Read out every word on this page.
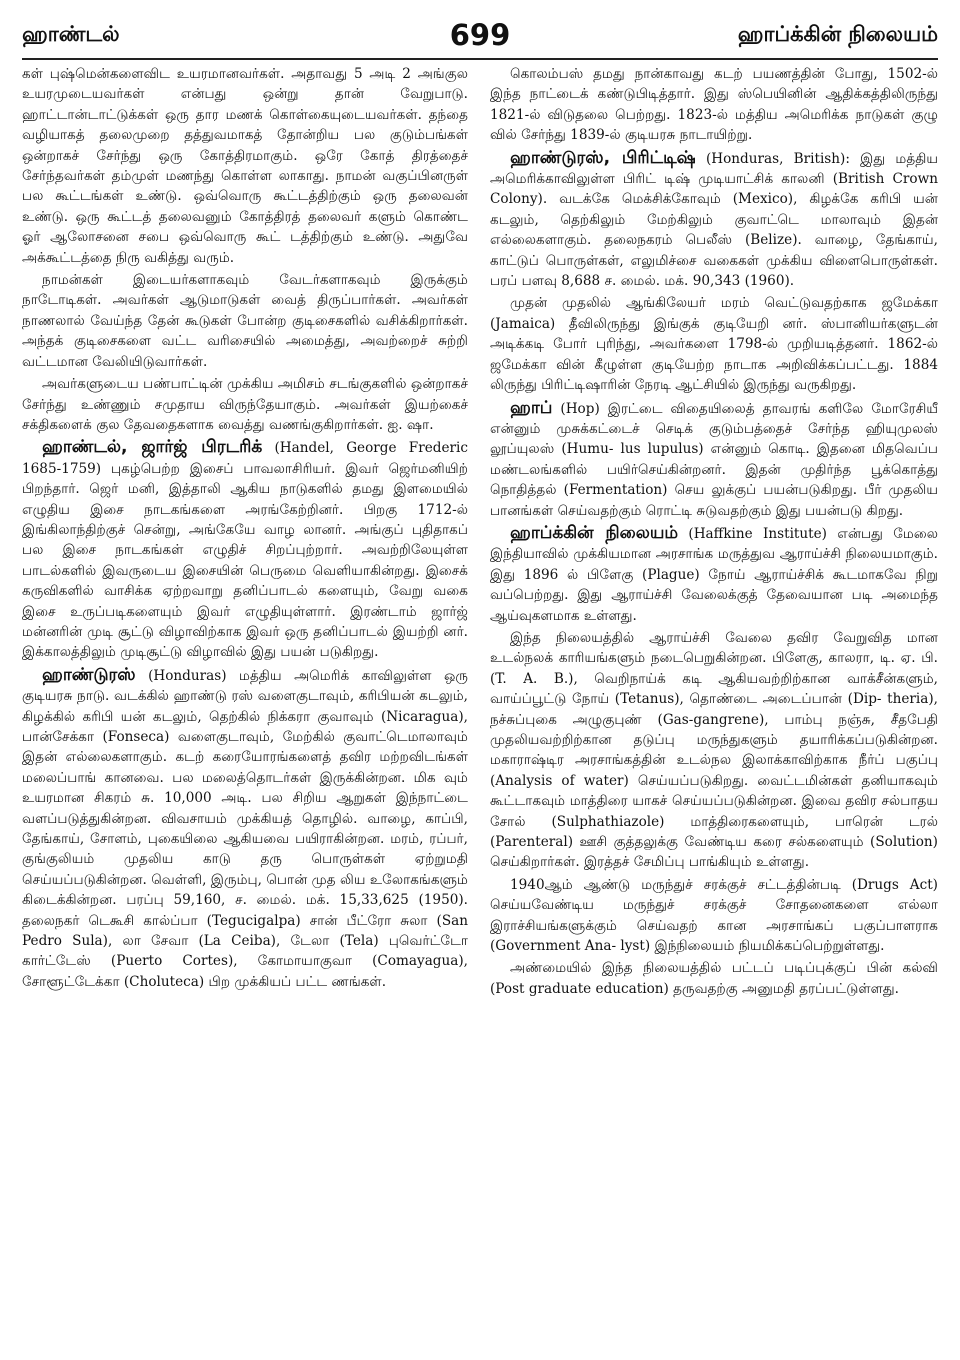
ஹாண்டல்	699	ஹாப்க்கின் நிலையம்

கள் புஷ்மென்களைவிட உயரமானவர்கள். அதாவது 5 அடி 2 அங்குல உயரமுடையவர்கள் என்பது ஒன்று தான் வேறுபாடு. ஹாட்டான்டாட்டுக்கள் ஒரு தார மணக் கொள்கையுடையவர்கள். தந்தை வழியாகத் தலைமுறை தத்துவமாகத் தோன்றிய பல குடும்பங்கள் ஒன்றாகச் சேர்ந்து ஒரு கோத்திரமாகும். ஒரே கோத் திரத்தைச் சேர்ந்தவர்கள் தம்முள் மணந்து கொள்ள லாகாது. நாமன் வகுப்பினருள் பல கூட்டங்கள் உண்டு. ஒவ்வொரு கூட்டத்திற்கும் ஒரு தலைவன் உண்டு. ஒரு கூட்டத் தலைவனும் கோத்திரத் தலைவர் களும் கொண்ட ஓர் ஆலோசனை சபை ஒவ்வொரு கூட் டத்திற்கும் உண்டு. அதுவே அக்கூட்டத்தை நிரு வகித்து வரும்.

நாமன்கள் இடையர்களாகவும் வேடர்களாகவும் இருக்கும் நாடோடிகள். அவர்கள் ஆடுமாடுகள் வைத் திருப்பார்கள். அவர்கள் நாணலால் வேய்ந்த தேன் கூடுகள் போன்ற குடிசைகளில் வசிக்கிறார்கள். அந்தக் குடிசைகளை வட்ட வரிசையில் அமைத்து, அவற்றைச் சுற்றி வட்டமான வேலியிடுவார்கள்.

அவர்களுடைய பண்பாட்டின் முக்கிய அமிசம் சடங்குகளில் ஒன்றாகச் சேர்ந்து உண்ணும் சமுதாய விருந்தேயாகும். அவர்கள் இயற்கைச் சக்திகளைக் குல தேவதைகளாக வைத்து வணங்குகிறார்கள். ஐ. ஷா.

ஹாண்டல், ஜார்ஜ் பிரடரிக் (Handel, George Frederic 1685-1759) புகழ்பெற்ற இசைப் பாவலாசிரியர். இவர் ஜெர்மனியிற் பிறந்தார். ஜெர் மனி, இத்தாலி ஆகிய நாடுகளில் தமது இளமையில் எழுதிய இசை நாடகங்களை அரங்கேற்றினர். பிறகு 1712-ல் இங்கிலாந்திற்குச் சென்று, அங்கேயே வாழ லானர். அங்குப் புதிதாகப் பல இசை நாடகங்கள் எழுதிச் சிறப்புற்றார். அவற்றிலேயுள்ள பாடல்களில் இவருடைய இசையின் பெருமை வெளியாகின்றது. இசைக் கருவிகளில் வாசிக்க ஏற்றவாறு தனிப்பாடல் களையும், வேறு வகை இசை உருப்படிகளையும் இவர் எழுதியுள்ளார். இரண்டாம் ஜார்ஜ் மன்னரின் முடி சூட்டு விழாவிற்காக இவர் ஒரு தனிப்பாடல் இயற்றி னர். இக்காலத்திலும் முடிசூட்டு விழாவில் இது பயன் படுகிறது.

ஹாண்டுரஸ் (Honduras) மத்திய அமெரிக் காவிலுள்ள ஒரு குடியரசு நாடு. வடக்கில் ஹாண்டு ரஸ் வளைகுடாவும், கரிபியன் கடலும், கிழக்கில் கரிபி யன் கடலும், தெற்கில் நிக்கரா குவாவும் (Nicaragua), பான்சேக்கா (Fonseca) வளைகுடாவும், மேற்கில் குவாட்டெமாலாவும் இதன் எல்லைகளாகும். கடற் கரையோரங்களைத் தவிர மற்றவிடங்கள் மலைப்பாங் கானவை. பல மலைத்தொடர்கள் இருக்கின்றன. மிக வும் உயரமான சிகரம் சு. 10,000 அடி. பல சிறிய ஆறுகள் இந்நாட்டை வளப்படுத்துகின்றன. விவசாயம் முக்கியத் தொழில். வாழை, காப்பி, தேங்காய், சோளம், புகையிலை ஆகியவை பயிராகின்றன. மரம், ரப்பர், குங்குலியம் முதலிய காடு தரு பொருள்கள் ஏற்றுமதி செய்யப்படுகின்றன. வெள்ளி, இரும்பு, பொன் முத லிய உலோகங்களும் கிடைக்கின்றன. பரப்பு 59,160, ச. மைல். மக். 15,33,625 (1950). தலைநகர் டெகூசி கால்ப்பா (Tegucigalpa) சான் பீட்ரோ சுலா (San Pedro Sula), லா சேவா (La Ceiba), டேலா (Tela) புவெர்ட்டோ கார்ட்டேஸ் (Puerto Cortes), கோமாயாகுவா (Comayagua), சோளூட்டேக்கா (Choluteca) பிற முக்கியப் பட்ட ணங்கள்.

கொலம்பஸ் தமது நான்காவது கடற் பயணத்தின் போது, 1502-ல் இந்த நாட்டைக் கண்டுபிடித்தார். இது ஸ்பெயினின் ஆதிக்கத்திலிருந்து 1821-ல் விடுதலை பெற்றது. 1823-ல் மத்திய அமெரிக்க நாடுகள் குழு வில் சேர்ந்து 1839-ல் குடியரசு நாடாயிற்று.

ஹாண்டுரஸ், பிரிட்டிஷ் (Honduras, British): இது மத்திய அமெரிக்காவிலுள்ள பிரிட் டிஷ் முடியாட்சிக் காலனி (British Crown Colony). வடக்கே மெக்சிக்கோவும் (Mexico), கிழக்கே கரிபி யன் கடலும், தெற்கிலும் மேற்கிலும் குவாட்டெ மாலாவும் இதன் எல்லைகளாகும். தலைநகரம் பெலீஸ் (Belize). வாழை, தேங்காய், காட்டுப் பொருள்கள், எலுமிச்சை வகைகள் முக்கிய விளைபொருள்கள். பரப் பளவு 8,688 ச. மைல். மக். 90,343 (1960).

முதன் முதலில் ஆங்கிலேயர் மரம் வெட்டுவதற்காக ஜமேக்கா (Jamaica) தீவிலிருந்து இங்குக் குடியேறி னர். ஸ்பானியர்களுடன் அடிக்கடி போர் புரிந்து, அவர்களை 1798-ல் முறியடித்தனர். 1862-ல் ஜமேக்கா வின் கீழுள்ள குடியேற்ற நாடாக அறிவிக்கப்பட்டது. 1884 லிருந்து பிரிட்டிஷாரின் நேரடி ஆட்சியில் இருந்து வருகிறது.

ஹாப் (Hop) இரட்டை விதையிலைத் தாவரங் களிலே மோரேசியீ என்னும் முசுக்கட்டைச் செடிக் குடும்பத்தைச் சேர்ந்த ஹியுமுலஸ் லூப்யுலஸ் (Humu- lus lupulus) என்னும் கொடி. இதனை மிதவெப்ப மண்டலங்களில் பயிர்செய்கின்றனர். இதன் முதிர்ந்த பூக்கொத்து நொதித்தல் (Fermentation) செய லுக்குப் பயன்படுகிறது. பீர் முதலிய பானங்கள் செய்வதற்கும் ரொட்டி சுடுவதற்கும் இது பயன்படு கிறது.

ஹாப்க்கின் நிலையம் (Haffkine Institute) என்பது மேலை இந்தியாவில் முக்கியமான அரசாங்க மருத்துவ ஆராய்ச்சி நிலையமாகும். இது 1896 ல் பிளேகு (Plague) நோய் ஆராய்ச்சிக் கூடமாகவே நிறு வப்பெற்றது. இது ஆராய்ச்சி வேலைக்குத் தேவையான படி அமைந்த ஆய்வுகளமாக உள்ளது.

இந்த நிலையத்தில் ஆராய்ச்சி வேலை தவிர வேறுவித மான உடல்நலக் காரியங்களும் நடைபெறுகின்றன. பிளேகு, காலரா, டி. ஏ. பி. (T. A. B.), வெறிநாய்க் கடி ஆகியவற்றிற்கான வாக்சீன்களும், வாய்ப்பூட்டு நோய் (Tetanus), தொண்டை அடைப்பான் (Dip- theria), நச்சுப்புகை அழுகுபுண் (Gas-gangrene), பாம்பு நஞ்சு, சீதபேதி முதலியவற்றிற்கான தடுப்பு மருந்துகளும் தயாரிக்கப்படுகின்றன. மகாராஷ்டிர அரசாங்கத்தின் உடல்நல இலாக்காவிற்காக நீர்ப் பகுப்பு (Analysis of water) செய்யப்படுகிறது. வைட்டமின்கள் தனியாகவும் கூட்டாகவும் மாத்திரை யாகச் செய்யப்படுகின்றன. இவை தவிர சல்பாதய சோல் (Sulphathiazole) மாத்திரைகளையும், பாரென் டரல் (Parenteral) ஊசி குத்தலுக்கு வேண்டிய கரை சல்களையும் (Solution) செய்கிறார்கள். இரத்தச் சேமிப்பு பாங்கியும் உள்ளது.

1940ஆம் ஆண்டு மருந்துச் சரக்குச் சட்டத்தின்படி (Drugs Act) செய்யவேண்டிய மருந்துச் சரக்குச் சோதனைகளை எல்லா இராச்சியங்களுக்கும் செய்வதற் கான அரசாங்கப் பகுப்பாளராக (Government Ana- lyst) இந்நிலையம் நியமிக்கப்பெற்றுள்ளது.

அண்மையில் இந்த நிலையத்தில் பட்டப் படிப்புக்குப் பின் கல்வி (Post graduate education) தருவதற்கு அனுமதி தரப்பட்டுள்ளது.
